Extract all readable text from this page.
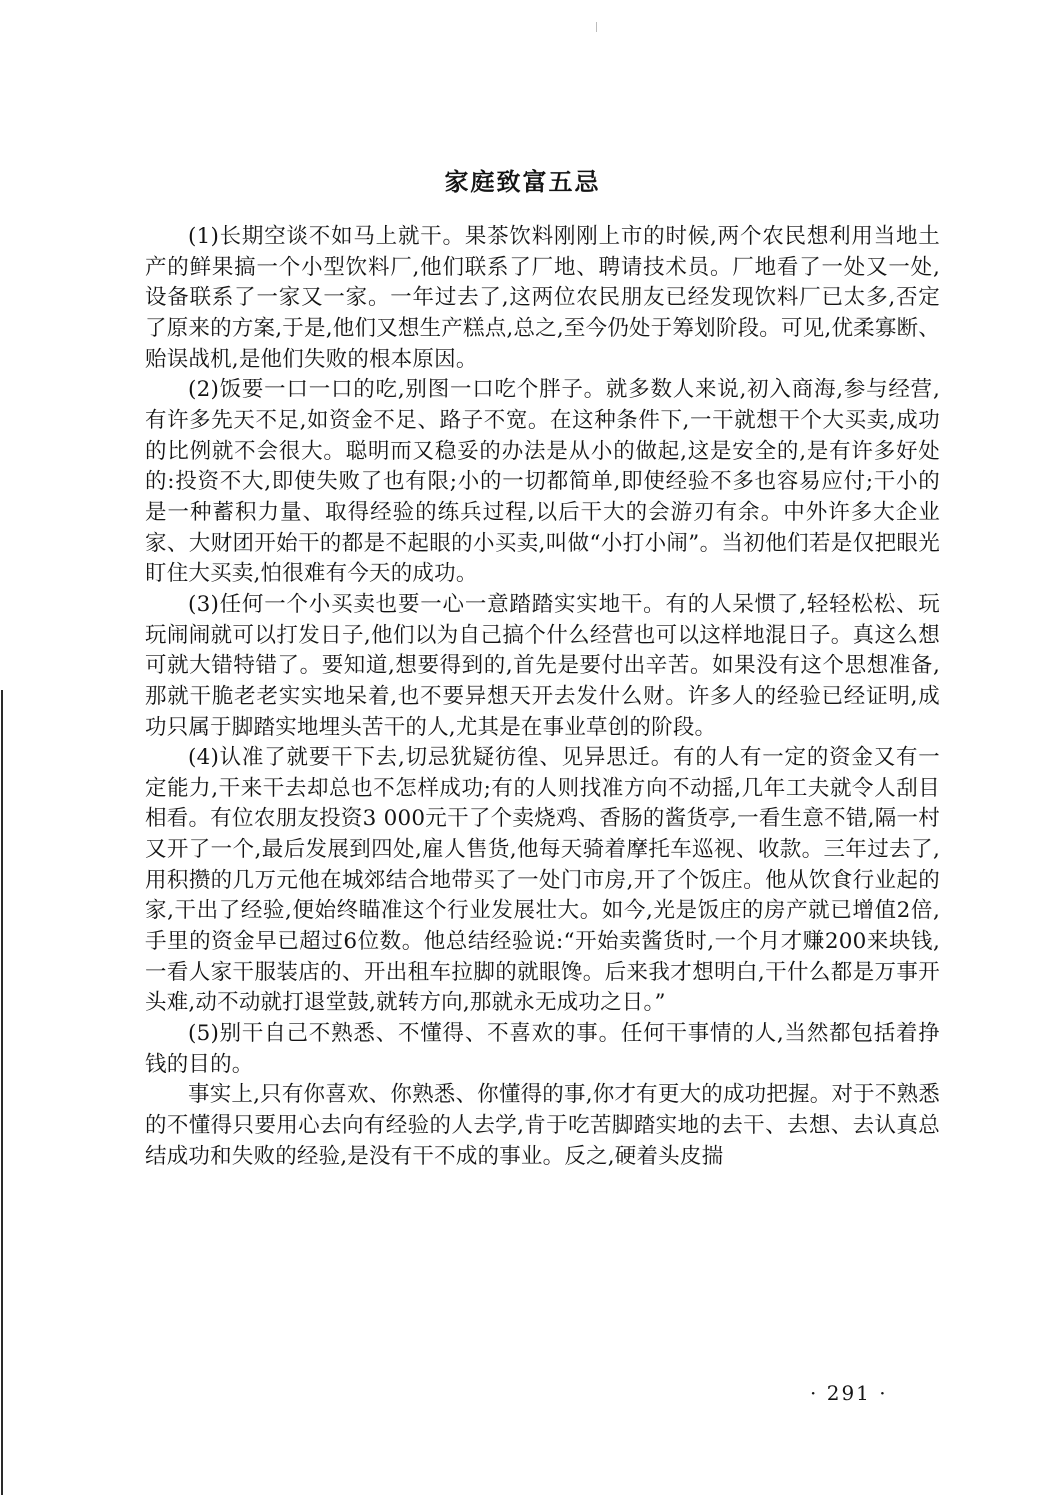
家庭致富五忌

(1)长期空谈不如马上就干。果茶饮料刚刚上市的时候,两个农民想利用当地土产的鲜果搞一个小型饮料厂,他们联系了厂地、聘请技术员。厂地看了一处又一处,设备联系了一家又一家。一年过去了,这两位农民朋友已经发现饮料厂已太多,否定了原来的方案,于是,他们又想生产糕点,总之,至今仍处于筹划阶段。可见,优柔寡断、贻误战机,是他们失败的根本原因。

(2)饭要一口一口的吃,别图一口吃个胖子。就多数人来说,初入商海,参与经营,有许多先天不足,如资金不足、路子不宽。在这种条件下,一干就想干个大买卖,成功的比例就不会很大。聪明而又稳妥的办法是从小的做起,这是安全的,是有许多好处的:投资不大,即使失败了也有限;小的一切都简单,即使经验不多也容易应付;干小的是一种蓄积力量、取得经验的练兵过程,以后干大的会游刃有余。中外许多大企业家、大财团开始干的都是不起眼的小买卖,叫做“小打小闹”。当初他们若是仅把眼光盯住大买卖,怕很难有今天的成功。

(3)任何一个小买卖也要一心一意踏踏实实地干。有的人呆惯了,轻轻松松、玩玩闹闹就可以打发日子,他们以为自己搞个什么经营也可以这样地混日子。真这么想可就大错特错了。要知道,想要得到的,首先是要付出辛苦。如果没有这个思想准备,那就干脆老老实实地呆着,也不要异想天开去发什么财。许多人的经验已经证明,成功只属于脚踏实地埋头苦干的人,尤其是在事业草创的阶段。

(4)认准了就要干下去,切忌犹疑彷徨、见异思迁。有的人有一定的资金又有一定能力,干来干去却总也不怎样成功;有的人则找准方向不动摇,几年工夫就令人刮目相看。有位农朋友投资3 000元干了个卖烧鸡、香肠的酱货亭,一看生意不错,隔一村又开了一个,最后发展到四处,雇人售货,他每天骑着摩托车巡视、收款。三年过去了,用积攒的几万元他在城郊结合地带买了一处门市房,开了个饭庄。他从饮食行业起的家,干出了经验,便始终瞄准这个行业发展壮大。如今,光是饭庄的房产就已增值2倍,手里的资金早已超过6位数。他总结经验说:“开始卖酱货时,一个月才赚200来块钱,一看人家干服装店的、开出租车拉脚的就眼馋。后来我才想明白,干什么都是万事开头难,动不动就打退堂鼓,就转方向,那就永无成功之日。”

(5)别干自己不熟悉、不懂得、不喜欢的事。任何干事情的人,当然都包括着挣钱的目的。

事实上,只有你喜欢、你熟悉、你懂得的事,你才有更大的成功把握。对于不熟悉的不懂得只要用心去向有经验的人去学,肯于吃苦脚踏实地的去干、去想、去认真总结成功和失败的经验,是没有干不成的事业。反之,硬着头皮揣

· 291 ·
